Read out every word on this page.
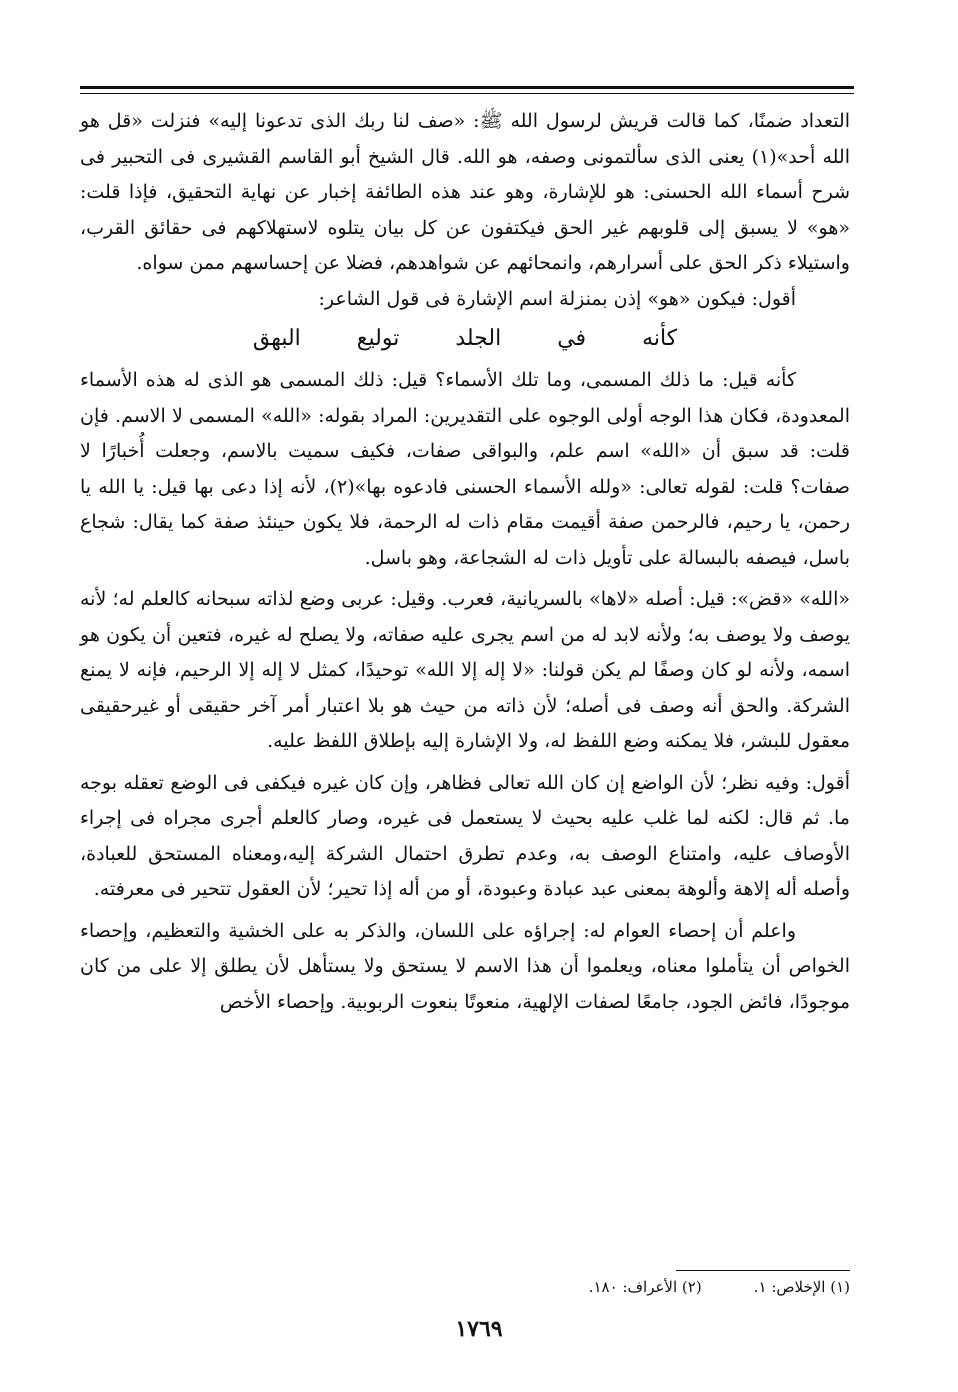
التعداد ضمنًا، كما قالت قريش لرسول الله ﷺ: «صف لنا ربك الذى تدعونا إليه» فنزلت «قل هو الله أحد»(١) يعنى الذى سألتمونى وصفه، هو الله. قال الشيخ أبو القاسم القشيرى فى التحبير فى شرح أسماء الله الحسنى: هو للإشارة، وهو عند هذه الطائفة إخبار عن نهاية التحقيق، فإذا قلت: «هو» لا يسبق إلى قلوبهم غير الحق فيكتفون عن كل بيان يتلوه لاستهلاكهم فى حقائق القرب، واستيلاء ذكر الحق على أسرارهم، وانمحائهم عن شواهدهم، فضلا عن إحساسهم ممن سواه.

أقول: فيكون «هو» إذن بمنزلة اسم الإشارة فى قول الشاعر:

كأنه
في
الجلد
توليع
البهق

كأنه قيل: ما ذلك المسمى، وما تلك الأسماء؟ قيل: ذلك المسمى هو الذى له هذه الأسماء المعدودة، فكان هذا الوجه أولى الوجوه على التقديرين: المراد بقوله: «الله» المسمى لا الاسم. فإن قلت: قد سبق أن «الله» اسم علم، والبواقى صفات، فكيف سميت بالاسم، وجعلت أُخبارًا لا صفات؟ قلت: لقوله تعالى: «ولله الأسماء الحسنى فادعوه بها»(٢)، لأنه إذا دعى بها قيل: يا الله يا رحمن، يا رحيم، فالرحمن صفة أقيمت مقام ذات له الرحمة، فلا يكون حينئذ صفة كما يقال: شجاع باسل، فيصفه بالبسالة على تأويل ذات له الشجاعة، وهو باسل.

«الله» «قض»: قيل: أصله «لاها» بالسريانية، فعرب. وقيل: عربى وضع لذاته سبحانه كالعلم له؛ لأنه يوصف ولا يوصف به؛ ولأنه لابد له من اسم يجرى عليه صفاته، ولا يصلح له غيره، فتعين أن يكون هو اسمه، ولأنه لو كان وصفًا لم يكن قولنا: «لا إله إلا الله» توحيدًا، كمثل لا إله إلا الرحيم، فإنه لا يمنع الشركة. والحق أنه وصف فى أصله؛ لأن ذاته من حيث هو بلا اعتبار أمر آخر حقيقى أو غيرحقيقى معقول للبشر، فلا يمكنه وضع اللفظ له، ولا الإشارة إليه بإطلاق اللفظ عليه.

أقول: وفيه نظر؛ لأن الواضع إن كان الله تعالى فظاهر، وإن كان غيره فيكفى فى الوضع تعقله بوجه ما. ثم قال: لكنه لما غلب عليه بحيث لا يستعمل فى غيره، وصار كالعلم أجرى مجراه فى إجراء الأوصاف عليه، وامتناع الوصف به، وعدم تطرق احتمال الشركة إليه،ومعناه المستحق للعبادة، وأصله أله إلاهة وألوهة بمعنى عبد عبادة وعبودة، أو من أله إذا تحير؛ لأن العقول تتحير فى معرفته.

واعلم أن إحصاء العوام له: إجراؤه على اللسان، والذكر به على الخشية والتعظيم، وإحصاء الخواص أن يتأملوا معناه، ويعلموا أن هذا الاسم لا يستحق ولا يستأهل لأن يطلق إلا على من كان موجودًا، فائض الجود، جامعًا لصفات الإلهية، منعوتًا بنعوت الربوبية. وإحصاء الأخص

(١) الإخلاص: ١.
(٢) الأعراف: ١٨٠.
١٧٦٩
